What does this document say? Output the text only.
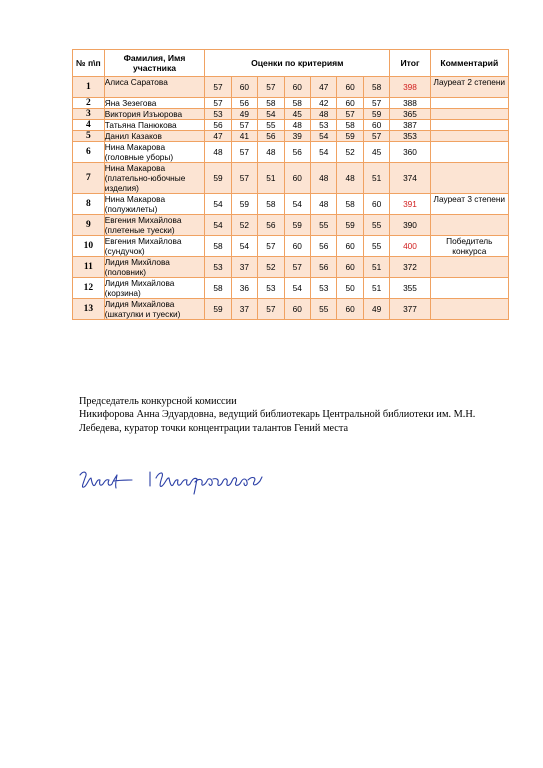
№ п\п	Фамилия, Имя участника	Оценки по критериям							Итог	Комментарий
1	Алиса Саратова	57	60	57	60	47	60	58	398	Лауреат 2 степени
2	Яна Зезегова	57	56	58	58	42	60	57	388	
3	Виктория Изъюрова	53	49	54	45	48	57	59	365	
4	Татьяна Панюкова	56	57	55	48	53	58	60	387	
5	Данил Казаков	47	41	56	39	54	59	57	353	
6	Нина Макарова (головные уборы)	48	57	48	56	54	52	45	360	
7	Нина Макарова (плательно-юбочные изделия)	59	57	51	60	48	48	51	374	
8	Нина Макарова (полужилеты)	54	59	58	54	48	58	60	391	Лауреат 3 степени
9	Евгения Михайлова (плетеные туески)	54	52	56	59	55	59	55	390	
10	Евгения Михайлова (сундучок)	58	54	57	60	56	60	55	400	Победитель конкурса
11	Лидия Михйлова (половник)	53	37	52	57	56	60	51	372	
12	Лидия Михайлова (корзина)	58	36	53	54	53	50	51	355	
13	Лидия Михайлова (шкатулки и туески)	59	37	57	60	55	60	49	377	

Председатель конкурсной комиссии

Никифорова Анна Эдуардовна, ведущий библиотекарь Центральной библиотеки им. М.Н. Лебедева, куратор точки концентрации талантов Гений места
